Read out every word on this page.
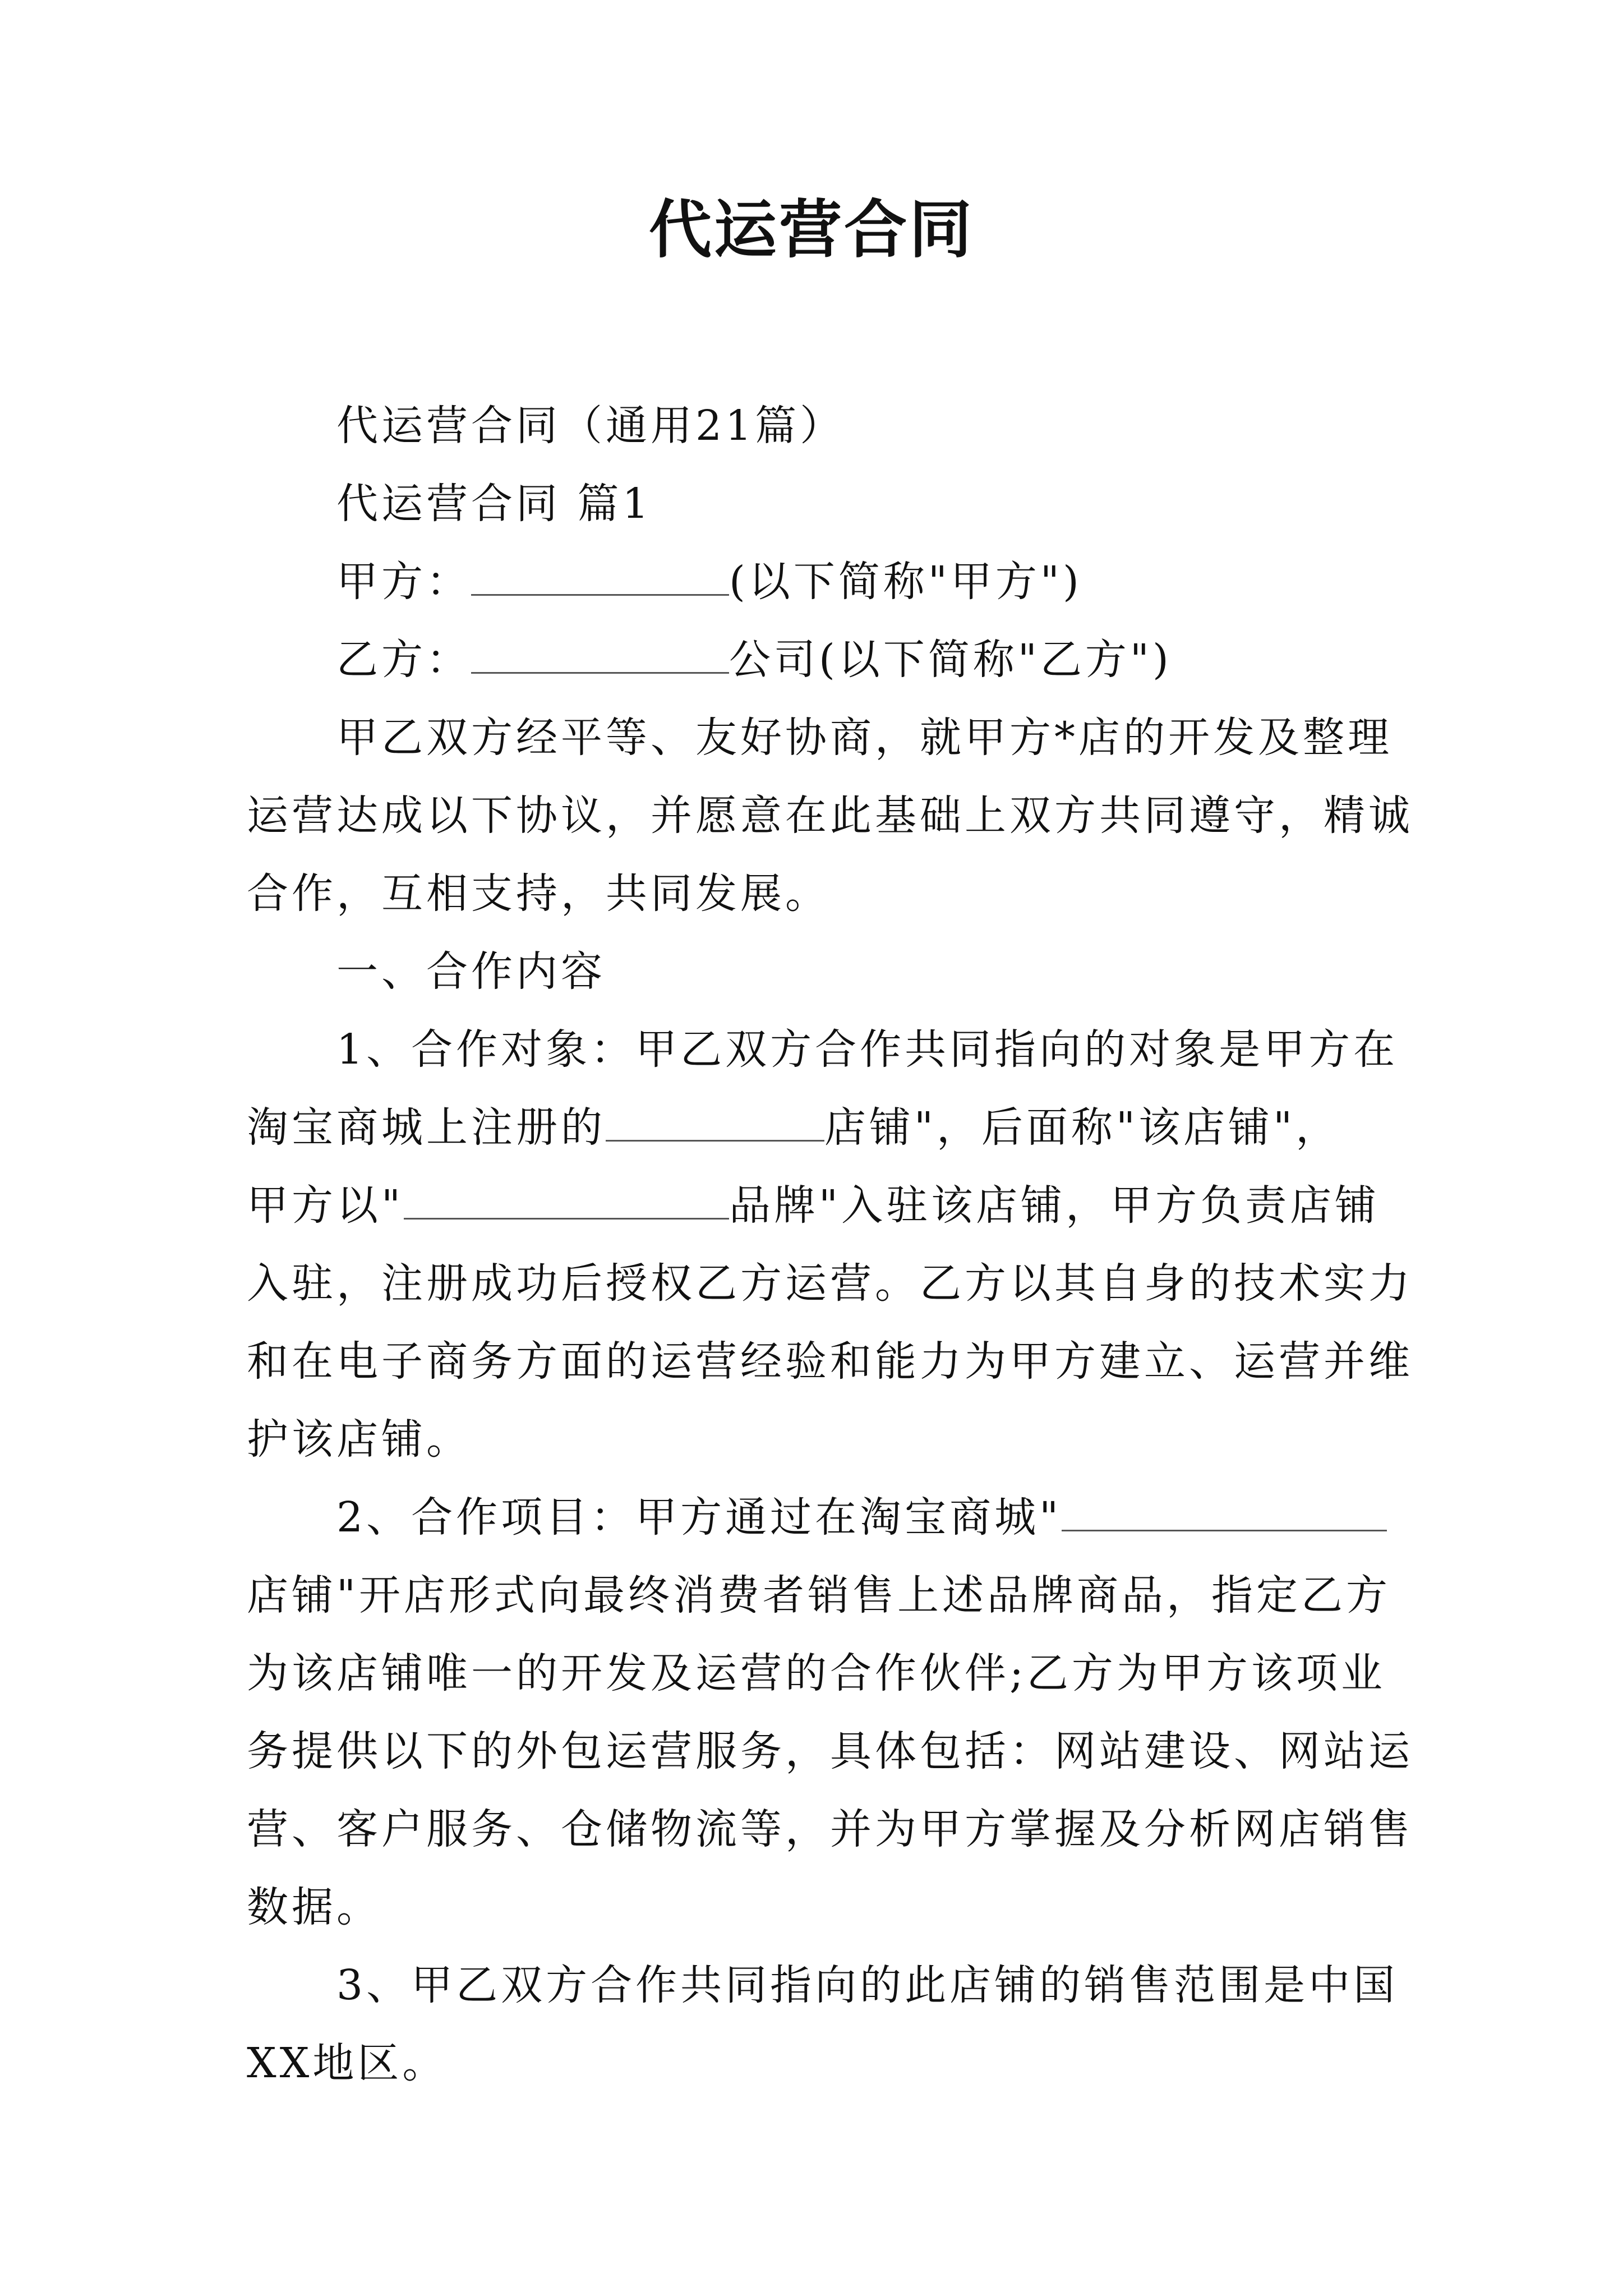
代运营合同
代运营合同（通用21篇）
代运营合同 篇1
甲方：	(以下简称"甲方")
乙方：	公司(以下简称"乙方")
甲乙双方经平等、友好协商，就甲方*店的开发及整理
运营达成以下协议，并愿意在此基础上双方共同遵守，精诚
合作，互相支持，共同发展。
一、合作内容
1、合作对象：甲乙双方合作共同指向的对象是甲方在
淘宝商城上注册的	店铺"，后面称"该店铺"，
甲方以"	品牌"入驻该店铺，甲方负责店铺
入驻，注册成功后授权乙方运营。乙方以其自身的技术实力
和在电子商务方面的运营经验和能力为甲方建立、运营并维
护该店铺。
2、合作项目：甲方通过在淘宝商城"
店铺"开店形式向最终消费者销售上述品牌商品，指定乙方
为该店铺唯一的开发及运营的合作伙伴;乙方为甲方该项业
务提供以下的外包运营服务，具体包括：网站建设、网站运
营、客户服务、仓储物流等，并为甲方掌握及分析网店销售
数据。
3、甲乙双方合作共同指向的此店铺的销售范围是中国
XX地区。
